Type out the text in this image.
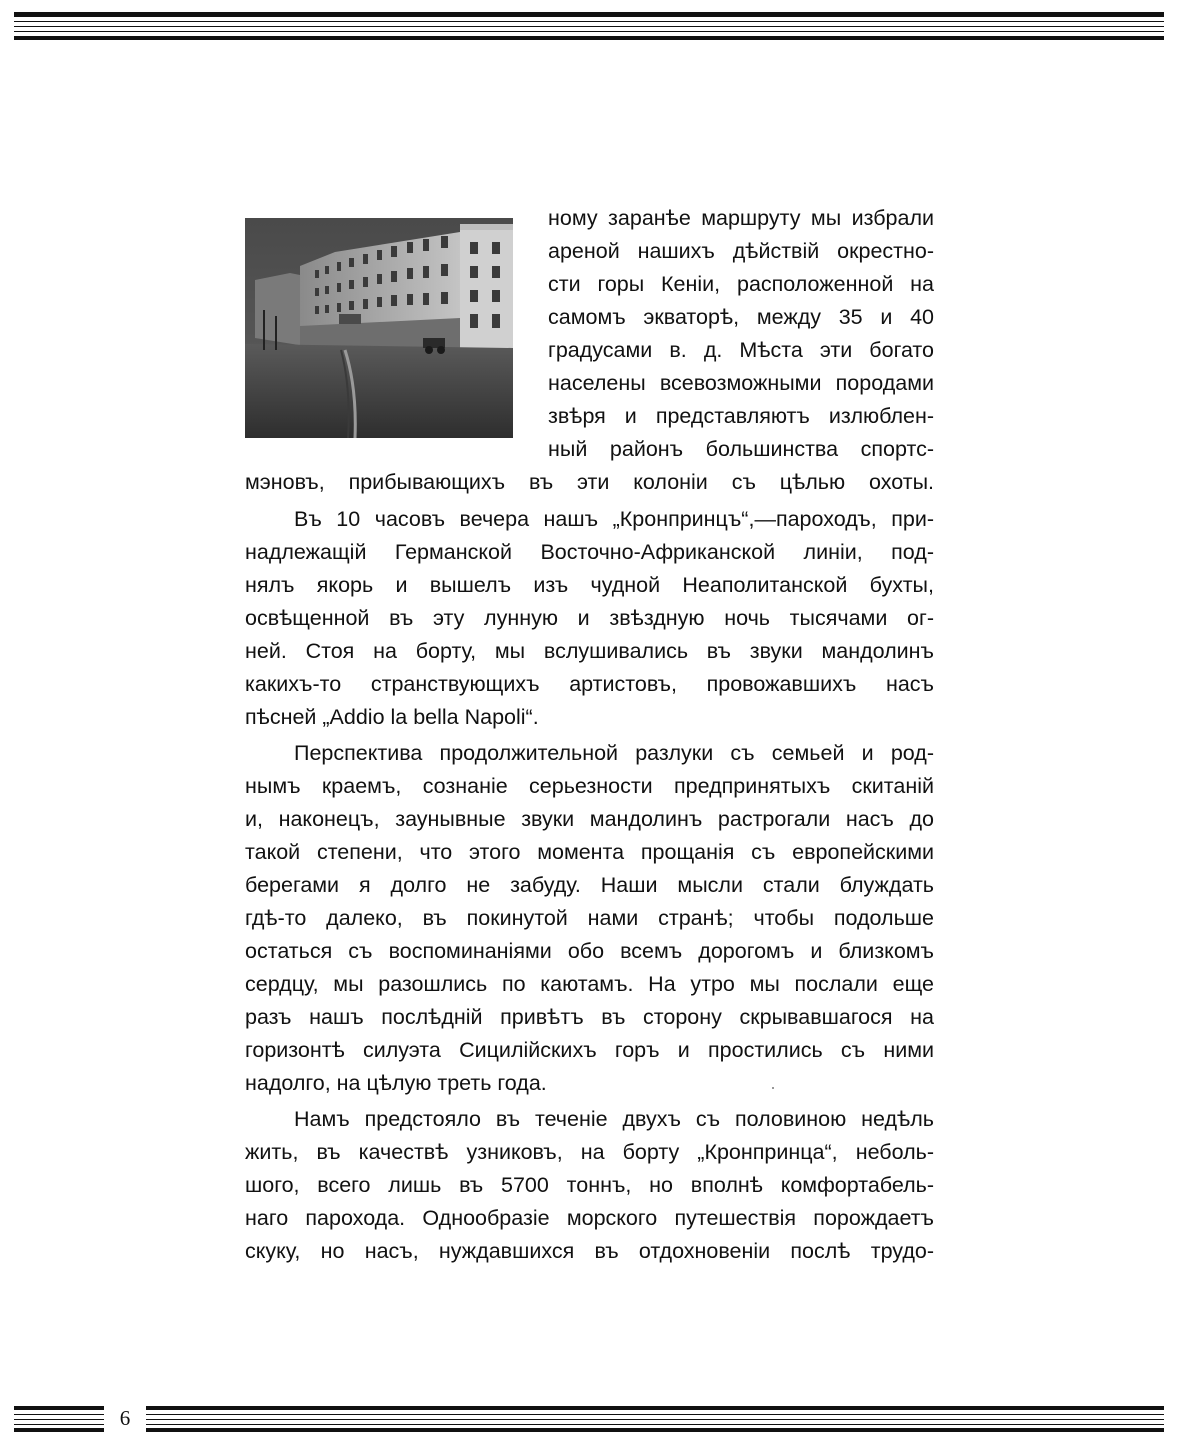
ному заранѣе маршруту мы избрали

ареной нашихъ дѣйствій окрестно-

сти горы Кеніи, расположенной на

самомъ экваторѣ, между 35 и 40

градусами в. д. Мѣста эти богато

населены всевозможными породами

звѣря и представляютъ излюблен-

ный районъ большинства спортс-

мэновъ, прибывающихъ въ эти колоніи съ цѣлью охоты.

Въ 10 часовъ вечера нашъ „Кронпринцъ“,—пароходъ, при-

надлежащій Германской Восточно-Африканской линіи, под-

нялъ якорь и вышелъ изъ чудной Неаполитанской бухты,

освѣщенной въ эту лунную и звѣздную ночь тысячами ог-

ней. Стоя на борту, мы вслушивались въ звуки мандолинъ

какихъ-то странствующихъ артистовъ, провожавшихъ насъ

пѣсней „Addio la bella Napoli“.

Перспектива продолжительной разлуки съ семьей и род-

нымъ краемъ, сознаніе серьезности предпринятыхъ скитаній

и, наконецъ, заунывные звуки мандолинъ растрогали насъ до

такой степени, что этого момента прощанія съ европейскими

берегами я долго не забуду. Наши мысли стали блуждать

гдѣ-то далеко, въ покинутой нами странѣ; чтобы подольше

остаться съ воспоминаніями обо всемъ дорогомъ и близкомъ

сердцу, мы разошлись по каютамъ. На утро мы послали еще

разъ нашъ послѣдній привѣтъ въ сторону скрывавшагося на

горизонтѣ силуэта Сицилійскихъ горъ и простились съ ними

надолго, на цѣлую треть года.

Намъ предстояло въ теченіе двухъ съ половиною недѣль

жить, въ качествѣ узниковъ, на борту „Кронпринца“, неболь-

шого, всего лишь въ 5700 тоннъ, но вполнѣ комфортабель-

наго парохода. Однообразіе морского путешествія порождаетъ

скуку, но насъ, нуждавшихся въ отдохновеніи послѣ трудо-

6
